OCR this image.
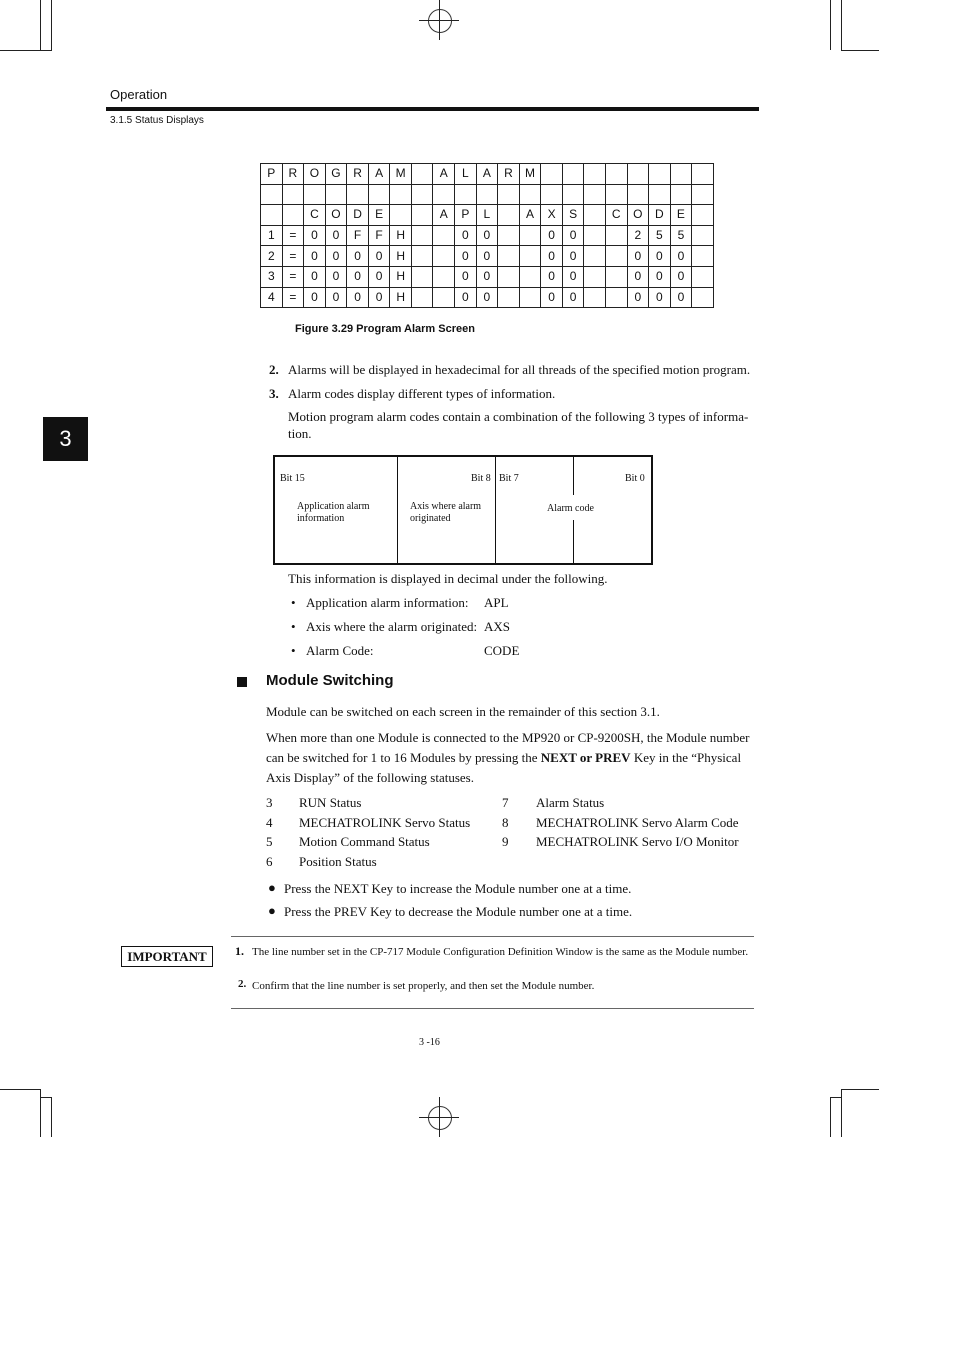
Operation
3.1.5 Status Displays
3
P	R	O	G	R	A	M		A	L	A	R	M								

		C	O	D	E			A	P	L		A	X	S		C	O	D	E	
1	=	0	0	F	F	H			0	0			0	0			2	5	5	
2	=	0	0	0	0	H			0	0			0	0			0	0	0	
3	=	0	0	0	0	H			0	0			0	0			0	0	0	
4	=	0	0	0	0	H			0	0			0	0			0	0	0	
Figure 3.29 Program Alarm Screen
2. Alarms will be displayed in hexadecimal for all threads of the specified motion program.
3. Alarm codes display different types of information.
Motion program alarm codes contain a combination of the following 3 types of informa-tion.
Bit 15	Bit 8 Bit 7	Bit 0
Application alarm information
Axis where alarm originated
Alarm code
This information is displayed in decimal under the following.
• Application alarm information: APL
• Axis where the alarm originated: AXS
• Alarm Code:	CODE
Module Switching
Module can be switched on each screen in the remainder of this section 3.1.
When more than one Module is connected to the MP920 or CP-9200SH, the Module number can be switched for 1 to 16 Modules by pressing the NEXT or PREV Key in the “Physical Axis Display” of the following statuses.
3 RUN Status	7 Alarm Status
4 MECHATROLINK Servo Status 8 MECHATROLINK Servo Alarm Code
5 Motion Command Status	9 MECHATROLINK Servo I/O Monitor
6 Position Status
● Press the NEXT Key to increase the Module number one at a time.
● Press the PREV Key to decrease the Module number one at a time.
IMPORTANT	1. The line number set in the CP-717 Module Configuration Definition Window is the same as the Module number.
2. Confirm that the line number is set properly, and then set the Module number.
3 -16
